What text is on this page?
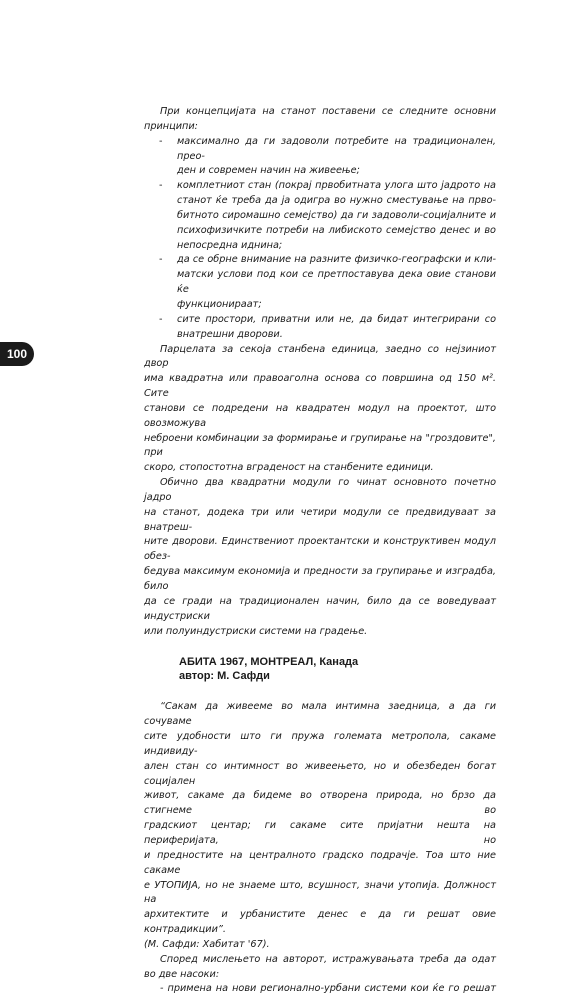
100

При концепцијата на станот поставени се следните основни
принципи:

- максимално да ги задоволи потребите на традиционален, прео-
ден и современ начин на живеење;
- комплетниот стан (покрај првобитната улога што јадрото на
станот ќе треба да ја одигра во нужно сместување на прво-
битното сиромашно семејство) да ги задоволи-социјалните и
психофизичките потреби на либиското семејство денес и во
непосредна иднина;
- да се обрне внимание на разните физичко-географски и кли-
матски услови под кои се претпоставува дека овие станови ќе
функционираат;
- сите простори, приватни или не, да бидат интегрирани со
внатрешни дворови.

Парцелата за секоја станбена единица, заедно со нејзиниот двор
има квадратна или правоаголна основа со површина од 150 м². Сите
станови се подредени на квадратен модул на проектот, што овозможува
неброени комбинации за формирање и групирање на "гроздовите", при
скоро, стопостотна вграденост на станбените единици.

Обично два квадратни модули го чинат основното почетно јадро
на станот, додека три или четири модули се предвидуваат за внатреш-
ните дворови. Единствениот проектантски и конструктивен модул обез-
бедува максимум економија и предности за групирање и изградба, било
да се гради на традиционален начин, било да се воведуваат индустриски
или полуиндустриски системи на градење.

АБИТА 1967, МОНТРЕАЛ, Канада
автор: М. Сафди

“Сакам да живееме во мала интимна заедница, а да ги сочуваме
сите удобности што ги пружа големата метропола, сакаме индивиду-
ален стан со интимност во живеењето, но и обезбеден богат социјален
живот, сакаме да бидеме во отворена природа, но брзо да стигнеме во
градскиот центар; ги сакаме сите пријатни нешта на периферијата, но
и предностите на централното градско подрачје. Тоа што ние сакаме
е УТОПИЈА, но не знаеме што, всушност, значи утопија. Должност на
архитектите и урбанистите денес е да ги решат овие контрадикции”.
(М. Сафди: Хабитат '67).

Според мислењето на авторот, истражувањата треба да одат
во две насоки:
- примена на нови регионално-урбани системи кои ќе го решат
